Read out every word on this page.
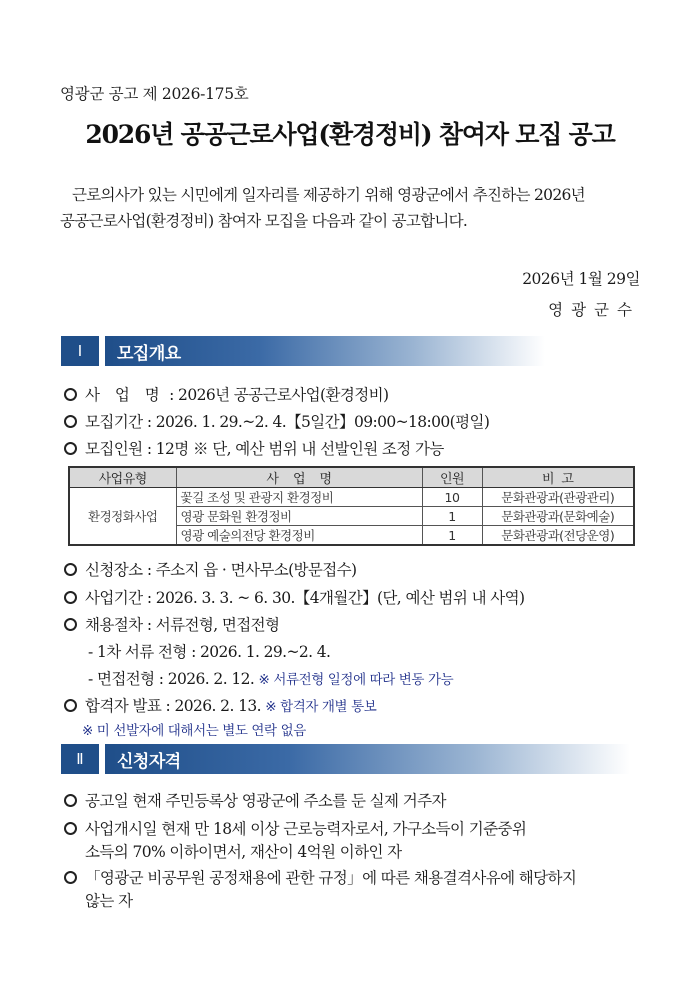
영광군 공고 제 2026-175호
2026년 공공근로사업(환경정비) 참여자 모집 공고
근로의사가 있는 시민에게 일자리를 제공하기 위해 영광군에서 추진하는 2026년
공공근로사업(환경정비) 참여자 모집을 다음과 같이 공고합니다.
2026년 1월 29일
영광군수
Ⅰ	모집개요
사 업 명 : 2026년 공공근로사업(환경정비)
모집기간 : 2026. 1. 29.~2. 4.【5일간】09:00~18:00(평일)
모집인원 : 12명 ※ 단, 예산 범위 내 선발인원 조정 가능
사업유형	사    업    명	인원	비  고
환경정화사업	꽃길 조성 및 관광지 환경정비	10	문화관광과(관광관리)
	영광 문화원 환경정비	1	문화관광과(문화예술)
	영광 예술의전당 환경정비	1	문화관광과(전당운영)
신청장소 : 주소지 읍 · 면사무소(방문접수)
사업기간 : 2026. 3. 3. ~ 6. 30.【4개월간】(단, 예산 범위 내 사역)
채용절차 : 서류전형, 면접전형
- 1차 서류 전형 : 2026. 1. 29.~2. 4.
- 면접전형 : 2026. 2. 12. ※ 서류전형 일정에 따라 변동 가능
합격자 발표 : 2026. 2. 13. ※ 합격자 개별 통보
※ 미 선발자에 대해서는 별도 연락 없음
Ⅱ	신청자격
공고일 현재 주민등록상 영광군에 주소를 둔 실제 거주자
사업개시일 현재 만 18세 이상 근로능력자로서, 가구소득이 기준중위
소득의 70% 이하이면서, 재산이 4억원 이하인 자
「영광군 비공무원 공정채용에 관한 규정」에 따른 채용결격사유에 해당하지
않는 자
